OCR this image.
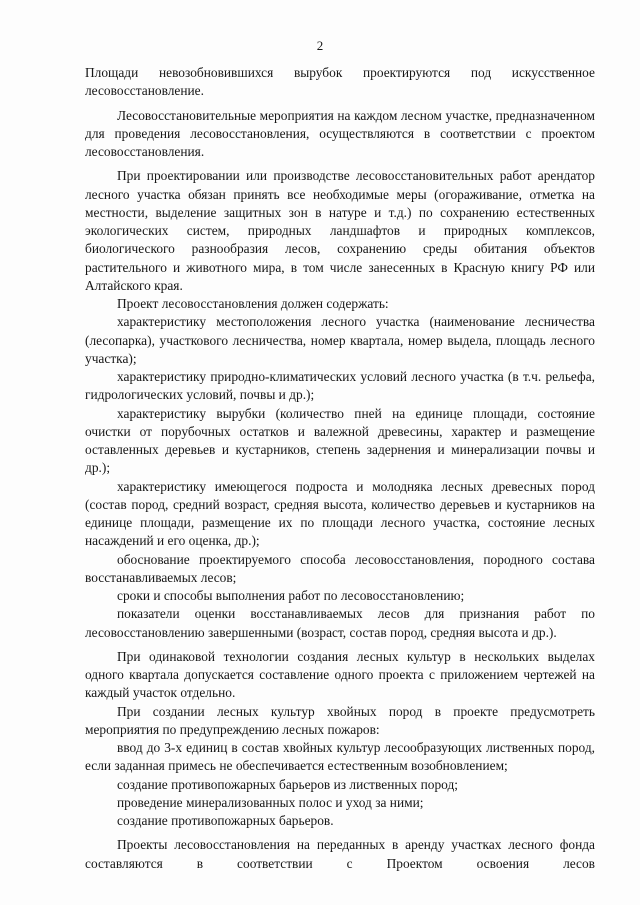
2

Площади невозобновившихся вырубок проектируются под искусственное лесовосстановление.

Лесовосстановительные мероприятия на каждом лесном участке, предназначенном для проведения лесовосстановления, осуществляются в соответствии с проектом лесовосстановления.

При проектировании или производстве лесовосстановительных работ арендатор лесного участка обязан принять все необходимые меры (огораживание, отметка на местности, выделение защитных зон в натуре и т.д.) по сохранению естественных экологических систем, природных ландшафтов и природных комплексов, биологического разнообразия лесов, сохранению среды обитания объектов растительного и животного мира, в том числе занесенных в Красную книгу РФ или Алтайского края.

Проект лесовосстановления должен содержать:

характеристику местоположения лесного участка (наименование лесничества (лесопарка), участкового лесничества, номер квартала, номер выдела, площадь лесного участка);

характеристику природно-климатических условий лесного участка (в т.ч. рельефа, гидрологических условий, почвы и др.);

характеристику вырубки (количество пней на единице площади, состояние очистки от порубочных остатков и валежной древесины, характер и размещение оставленных деревьев и кустарников, степень задернения и минерализации почвы и др.);

характеристику имеющегося подроста и молодняка лесных древесных пород (состав пород, средний возраст, средняя высота, количество деревьев и кустарников на единице площади, размещение их по площади лесного участка, состояние лесных насаждений и его оценка, др.);

обоснование проектируемого способа лесовосстановления, породного состава восстанавливаемых лесов;

сроки и способы выполнения работ по лесовосстановлению;

показатели оценки восстанавливаемых лесов для признания работ по лесовосстановлению завершенными (возраст, состав пород, средняя высота и др.).

При одинаковой технологии создания лесных культур в нескольких выделах одного квартала допускается составление одного проекта с приложением чертежей на каждый участок отдельно.

При создании лесных культур хвойных пород в проекте предусмотреть мероприятия по предупреждению лесных пожаров:

ввод до 3-х единиц в состав хвойных культур лесообразующих лиственных пород, если заданная примесь не обеспечивается естественным возобновлением;

создание противопожарных барьеров из лиственных пород;

проведение минерализованных полос и уход за ними;

создание противопожарных барьеров.

Проекты лесовосстановления на переданных в аренду участках лесного фонда составляются в соответствии с Проектом освоения лесов
